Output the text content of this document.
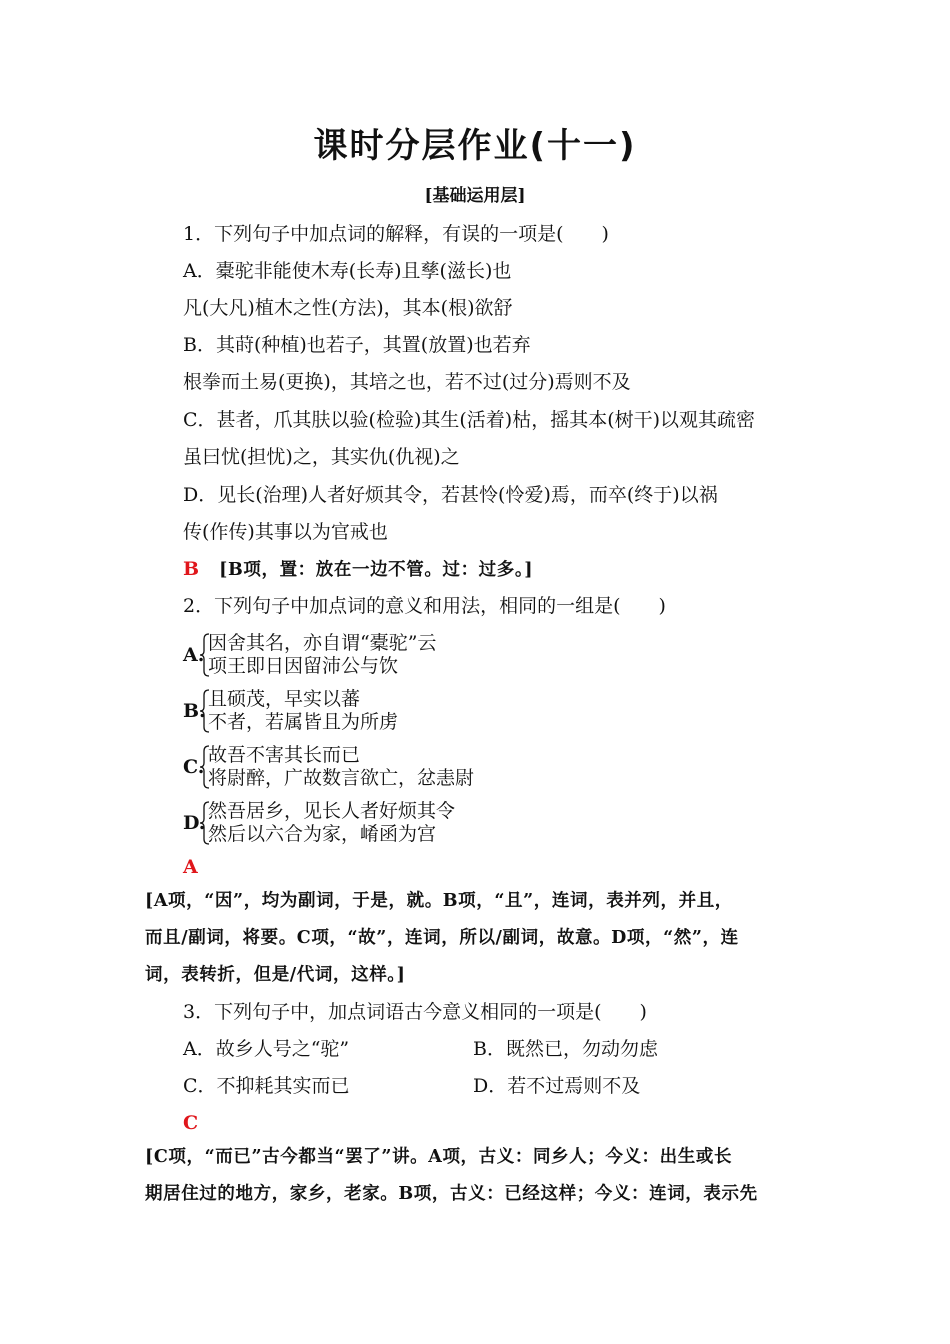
课时分层作业(十一)
[基础运用层]
1．下列句子中加点词的解释，有误的一项是(　　)
A．橐驼非能使木寿(长寿)且孳(滋长)也
凡(大凡)植木之性(方法)，其本(根)欲舒
B．其莳(种植)也若子，其置(放置)也若弃
根拳而土易(更换)，其培之也，若不过(过分)焉则不及
C．甚者，爪其肤以验(检验)其生(活着)枯，摇其本(树干)以观其疏密
虽曰忧(担忧)之，其实仇(仇视)之
D．见长(治理)人者好烦其令，若甚怜(怜爱)焉，而卒(终于)以祸
传(作传)其事以为官戒也
B [B项，置：放在一边不管。过：过多。]
2．下列句子中加点词的意义和用法，相同的一组是(　　)
A.
因舍其名，亦自谓“橐驼”云
项王即日因留沛公与饮
B.
且硕茂，早实以蕃
不者，若属皆且为所虏
C.
故吾不害其长而已
将尉醉，广故数言欲亡，忿恚尉
D.
然吾居乡，见长人者好烦其令
然后以六合为家，崤函为宫
A
[A项，“因”，均为副词，于是，就。B项，“且”，连词，表并列，并且，
而且/副词，将要。C项，“故”，连词，所以/副词，故意。D项，“然”，连
词，表转折，但是/代词，这样。]
3．下列句子中，加点词语古今意义相同的一项是(　　)
A．故乡人号之“驼”	B．既然已，勿动勿虑
C．不抑耗其实而已	D．若不过焉则不及
C
[C项，“而已”古今都当“罢了”讲。A项，古义：同乡人；今义：出生或长
期居住过的地方，家乡，老家。B项，古义：已经这样；今义：连词，表示先
